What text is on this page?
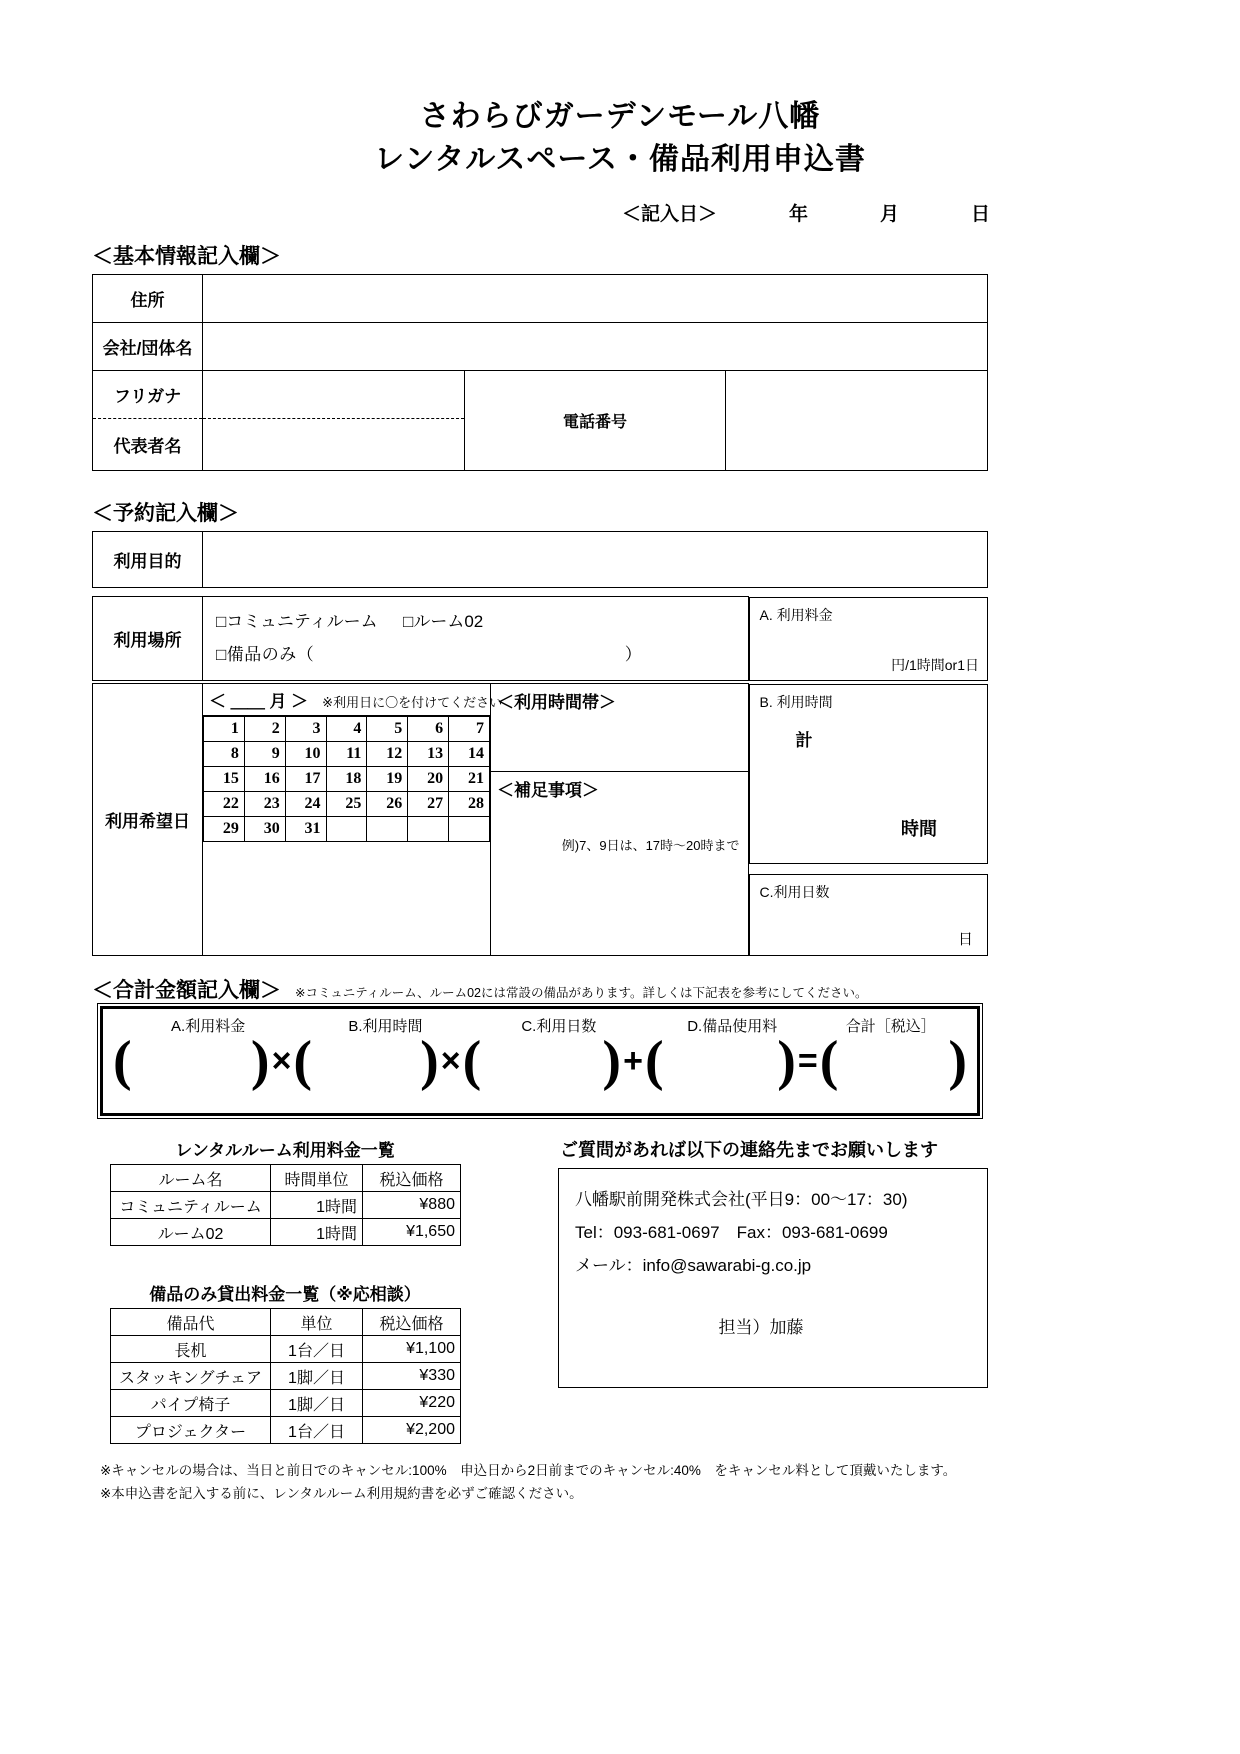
さわらびガーデンモール八幡
レンタルスペース・備品利用申込書
＜記入日＞	年	月	日
＜基本情報記入欄＞
住所			
会社/団体名			
フリガナ		電話番号	
代表者名			
＜予約記入欄＞
利用目的	
利用場所	
□コミュニティルーム □ルーム02
□備品のみ（	）

A. 利用料金
円/1時間or1日
利用希望日	
＜ ＿＿ 月 ＞ ※利用日に〇を付けてください
1	2	3	4	5	6	7
8	9	10	11	12	13	14
15	16	17	18	19	20	21
22	23	24	25	26	27	28
29	30	31				

＜利用時間帯＞
＜補足事項＞
例)7、9日は、17時～20時まで

B. 利用時間
計
時間
C.利用日数
日
＜合計金額記入欄＞ ※コミュニティルーム、ルーム02には常設の備品があります。詳しくは下記表を参考にしてください。
A.利用料金	B.利用時間	C.利用日数	D.備品使用料	合計［税込］
( ) × ( ) × ( ) + ( ) = ( )
レンタルルーム利用料金一覧
ルーム名	時間単位	税込価格
コミュニティルーム	1時間	¥880
ルーム02	1時間	¥1,650
備品のみ貸出料金一覧（※応相談）
備品代	単位	税込価格
長机	1台／日	¥1,100
スタッキングチェア	1脚／日	¥330
パイプ椅子	1脚／日	¥220
プロジェクター	1台／日	¥2,200
ご質問があれば以下の連絡先までお願いします
八幡駅前開発株式会社(平日9：00～17：30)
Tel：093-681-0697　Fax：093-681-0699
メール：info@sawarabi-g.co.jp
担当）加藤
※キャンセルの場合は、当日と前日でのキャンセル:100%　申込日から2日前までのキャンセル:40%　をキャンセル料として頂戴いたします。
※本申込書を記入する前に、レンタルルーム利用規約書を必ずご確認ください。
